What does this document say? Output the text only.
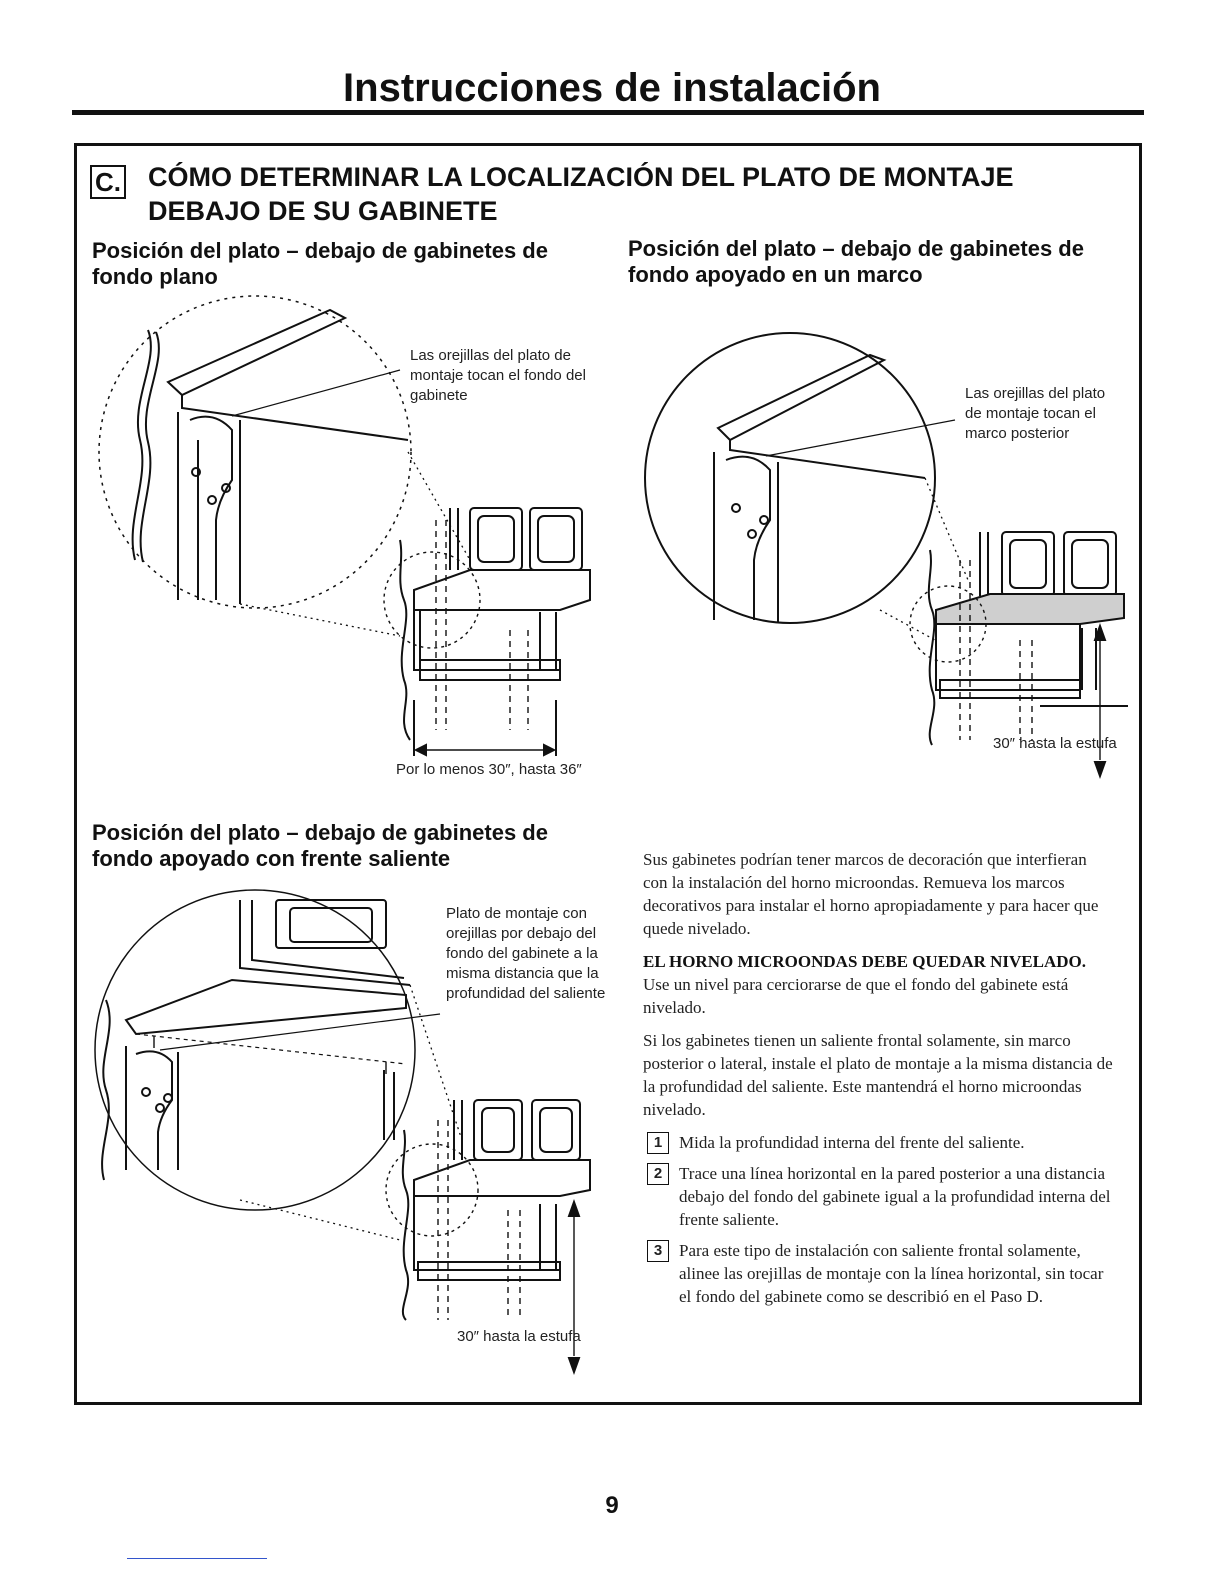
Instrucciones de instalación
C. CÓMO DETERMINAR LA LOCALIZACIÓN DEL PLATO DE MONTAJE DEBAJO DE SU GABINETE
Posición del plato – debajo de gabinetes de fondo plano
Posición del plato – debajo de gabinetes de fondo apoyado en un marco
Posición del plato – debajo de gabinetes de fondo apoyado con frente saliente
Las orejillas del plato de montaje tocan el fondo del gabinete
Por lo menos 30″, hasta 36″
Las orejillas del plato de montaje tocan el marco posterior
30″ hasta la estufa
Plato de montaje con orejillas por debajo del fondo del gabinete a la misma distancia que la profundidad del saliente
30″ hasta la estufa

Sus gabinetes podrían tener marcos de decoración que interfieran con la instalación del horno microondas. Remueva los marcos decorativos para instalar el horno apropiadamente y para hacer que quede nivelado.

EL HORNO MICROONDAS DEBE QUEDAR NIVELADO.

Use un nivel para cerciorarse de que el fondo del gabinete está nivelado.

Si los gabinetes tienen un saliente frontal solamente, sin marco posterior o lateral, instale el plato de montaje a la misma distancia de la profundidad del saliente. Este mantendrá el horno microondas nivelado.

1 Mida la profundidad interna del frente del saliente.
2 Trace una línea horizontal en la pared posterior a una distancia debajo del fondo del gabinete igual a la profundidad interna del frente saliente.
3 Para este tipo de instalación con saliente frontal solamente, alinee las orejillas de montaje con la línea horizontal, sin tocar el fondo del gabinete como se describió en el Paso D.
9
